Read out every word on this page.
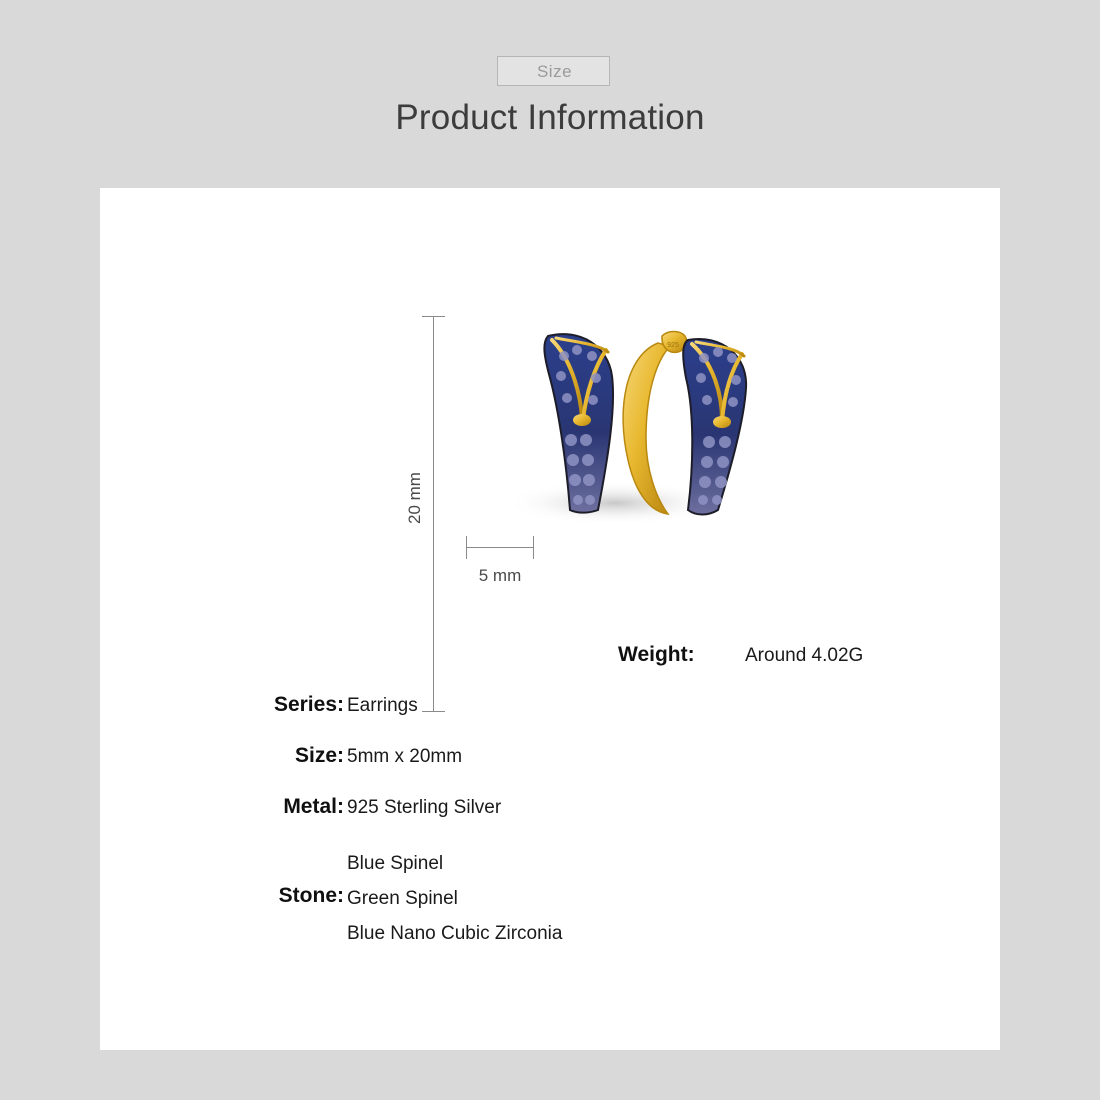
Size
Product Information
20 mm
925
5 mm
Weight:	Around 4.02G
Series: Earrings
Size: 5mm x 20mm
Metal: 925 Sterling Silver
Stone:
Blue Spinel
Green Spinel
Blue Nano Cubic Zirconia
